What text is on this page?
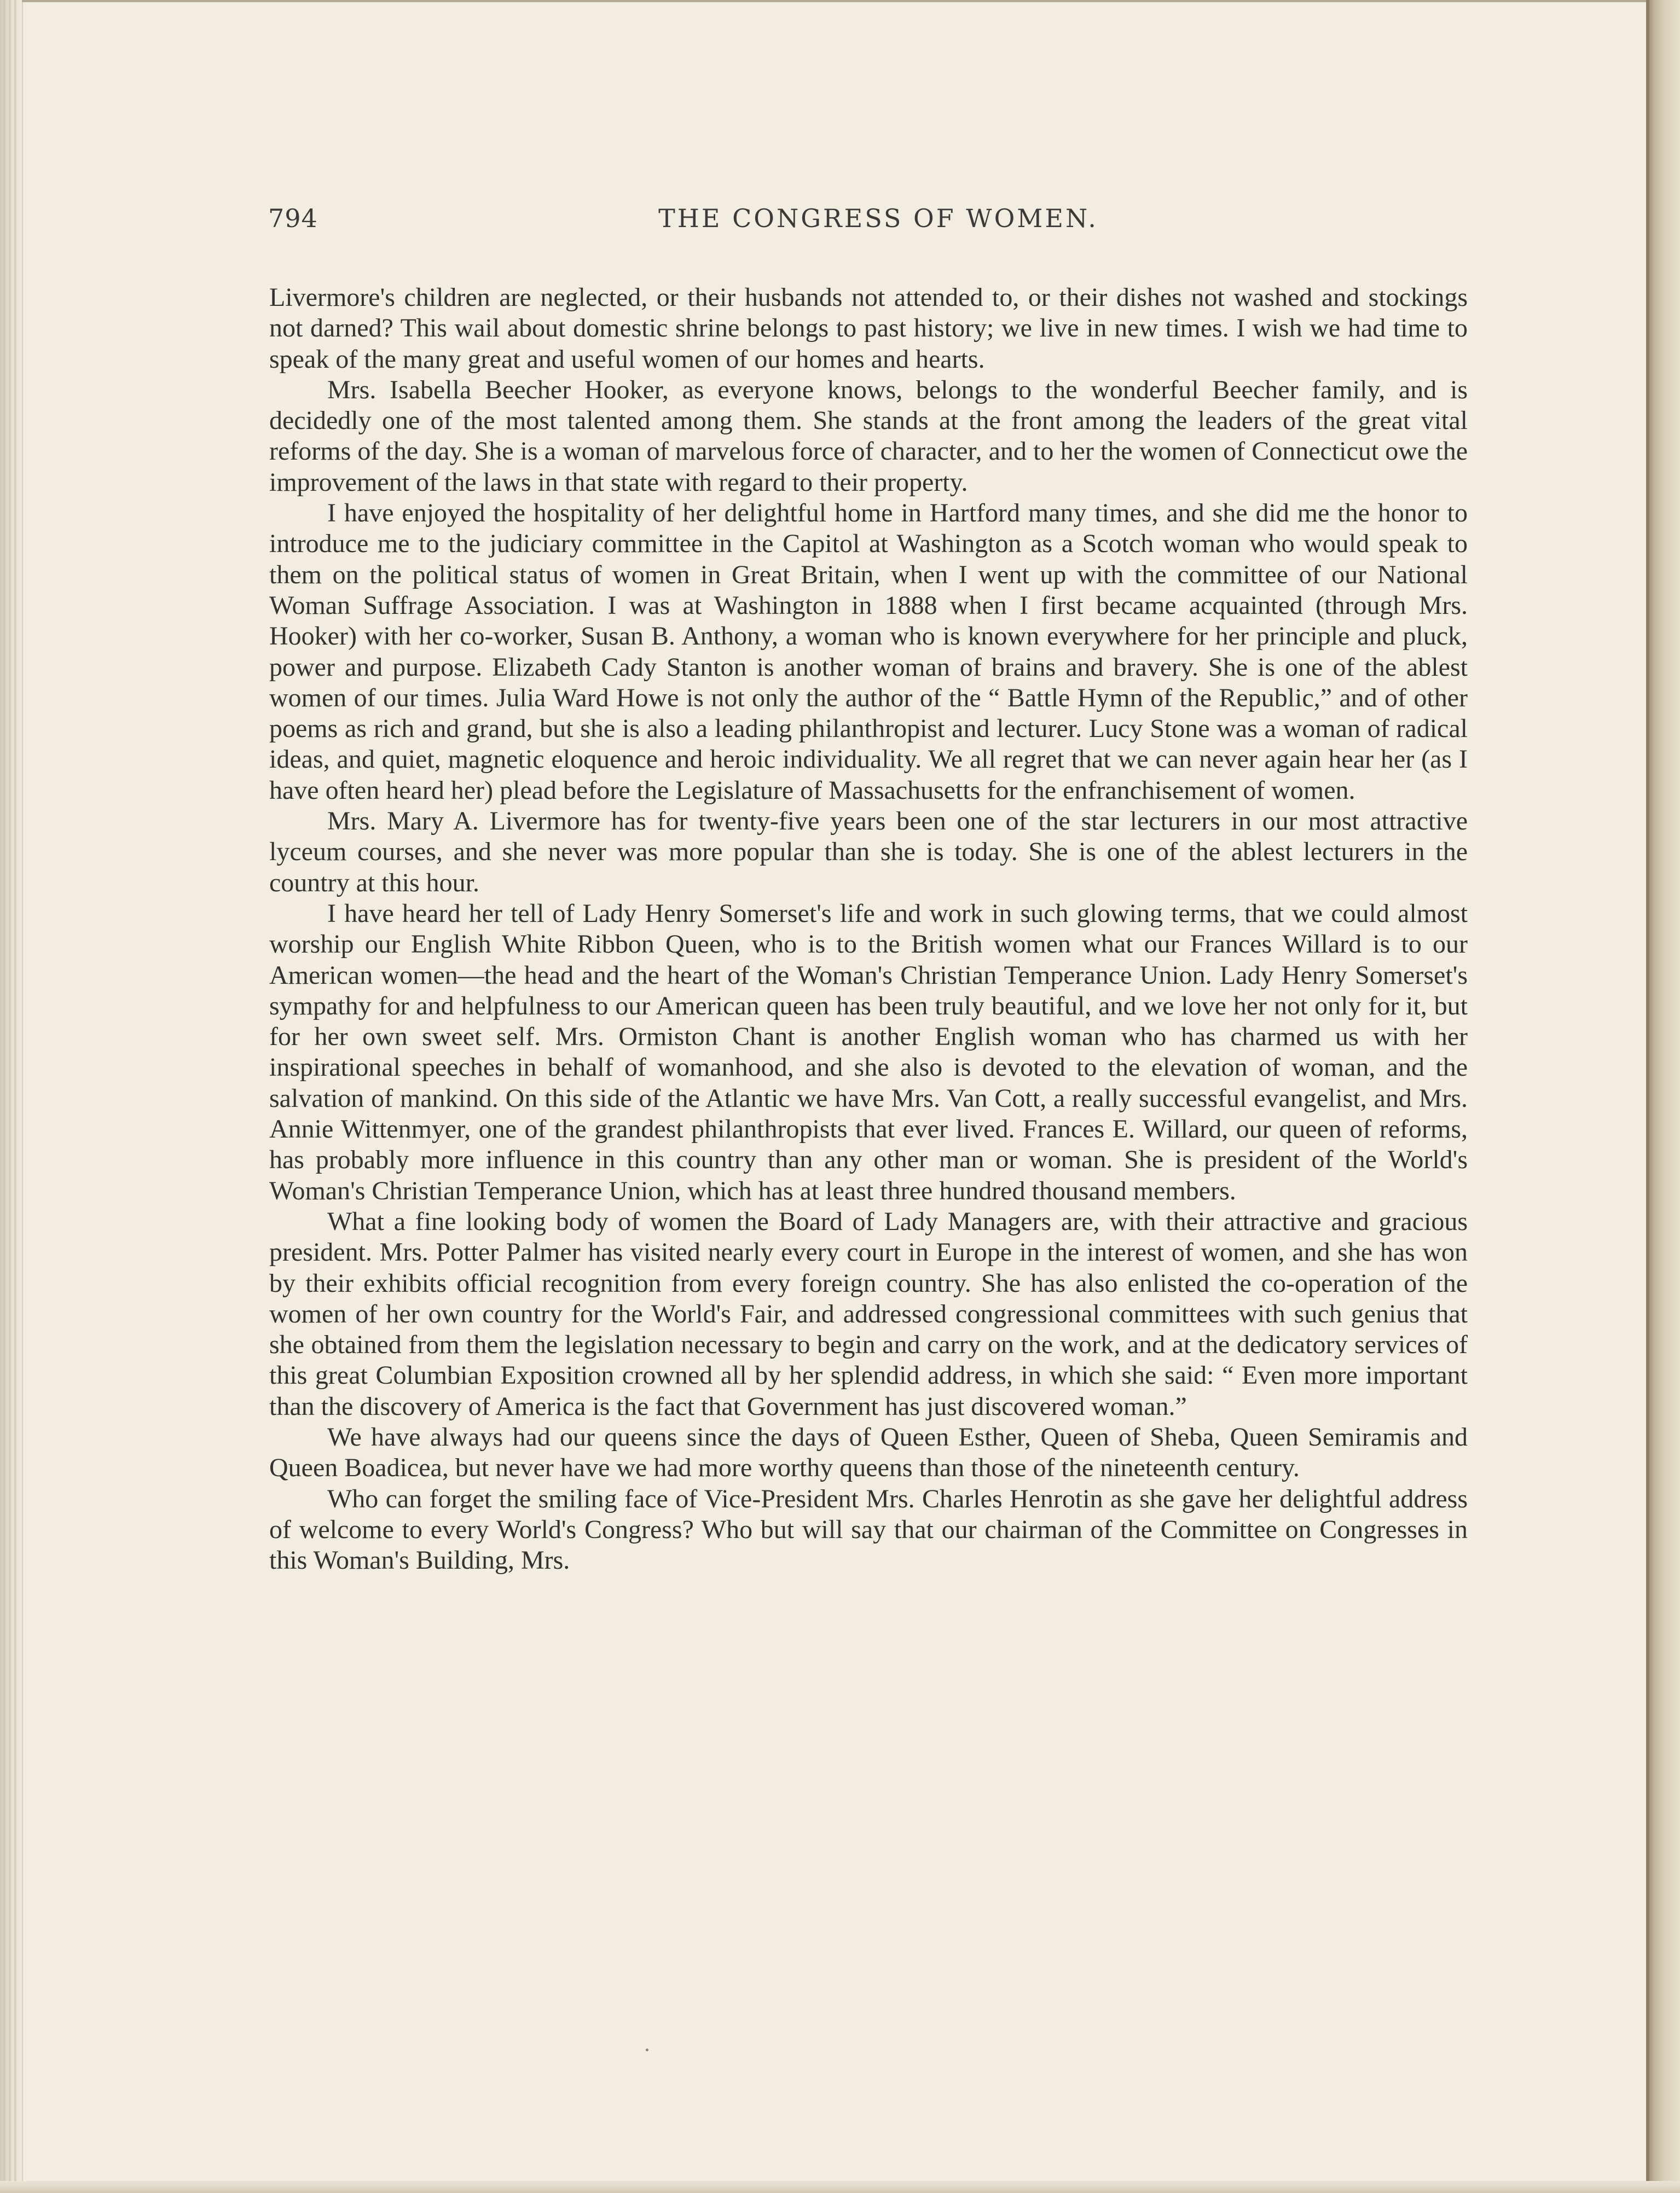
794	THE CONGRESS OF WOMEN.

Livermore's children are neglected, or their husbands not attended to, or their dishes not washed and stockings not darned? This wail about domestic shrine belongs to past history; we live in new times. I wish we had time to speak of the many great and useful women of our homes and hearts.

Mrs. Isabella Beecher Hooker, as everyone knows, belongs to the wonderful Beecher family, and is decidedly one of the most talented among them. She stands at the front among the leaders of the great vital reforms of the day. She is a woman of marvelous force of character, and to her the women of Connecticut owe the improvement of the laws in that state with regard to their property.

I have enjoyed the hospitality of her delightful home in Hartford many times, and she did me the honor to introduce me to the judiciary committee in the Capitol at Washington as a Scotch woman who would speak to them on the political status of women in Great Britain, when I went up with the committee of our National Woman Suffrage Association. I was at Washington in 1888 when I first became acquainted (through Mrs. Hooker) with her co-worker, Susan B. Anthony, a woman who is known everywhere for her principle and pluck, power and purpose. Elizabeth Cady Stanton is another woman of brains and bravery. She is one of the ablest women of our times. Julia Ward Howe is not only the author of the “ Battle Hymn of the Republic,” and of other poems as rich and grand, but she is also a leading philanthropist and lecturer. Lucy Stone was a woman of radical ideas, and quiet, magnetic eloquence and heroic individuality. We all regret that we can never again hear her (as I have often heard her) plead before the Legislature of Massachusetts for the enfranchisement of women.

Mrs. Mary A. Livermore has for twenty-five years been one of the star lecturers in our most attractive lyceum courses, and she never was more popular than she is today. She is one of the ablest lecturers in the country at this hour.

I have heard her tell of Lady Henry Somerset's life and work in such glowing terms, that we could almost worship our English White Ribbon Queen, who is to the British women what our Frances Willard is to our American women—the head and the heart of the Woman's Christian Temperance Union. Lady Henry Somerset's sympathy for and helpfulness to our American queen has been truly beautiful, and we love her not only for it, but for her own sweet self. Mrs. Ormiston Chant is another English woman who has charmed us with her inspirational speeches in behalf of womanhood, and she also is devoted to the elevation of woman, and the salvation of mankind. On this side of the Atlantic we have Mrs. Van Cott, a really successful evangelist, and Mrs. Annie Wittenmyer, one of the grandest philanthropists that ever lived. Frances E. Willard, our queen of reforms, has probably more influence in this country than any other man or woman. She is president of the World's Woman's Christian Temperance Union, which has at least three hundred thousand members.

What a fine looking body of women the Board of Lady Managers are, with their attractive and gracious president. Mrs. Potter Palmer has visited nearly every court in Europe in the interest of women, and she has won by their exhibits official recognition from every foreign country. She has also enlisted the co-operation of the women of her own country for the World's Fair, and addressed congressional committees with such genius that she obtained from them the legislation necessary to begin and carry on the work, and at the dedicatory services of this great Columbian Exposition crowned all by her splendid address, in which she said: “ Even more important than the discovery of America is the fact that Government has just discovered woman.”

We have always had our queens since the days of Queen Esther, Queen of Sheba, Queen Semiramis and Queen Boadicea, but never have we had more worthy queens than those of the nineteenth century.

Who can forget the smiling face of Vice-President Mrs. Charles Henrotin as she gave her delightful address of welcome to every World's Congress? Who but will say that our chairman of the Committee on Congresses in this Woman's Building, Mrs.
